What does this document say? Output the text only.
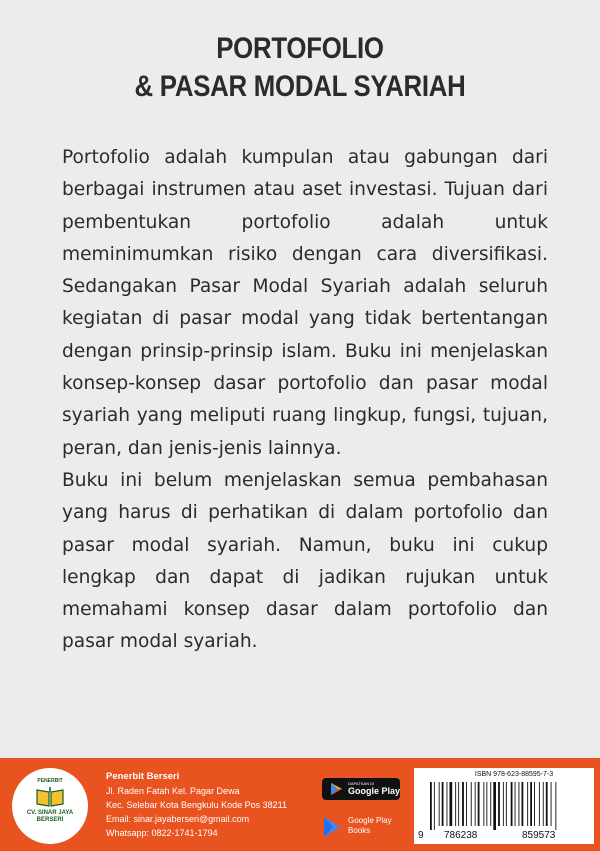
PORTOFOLIO
& PASAR MODAL SYARIAH

Portofolio adalah kumpulan atau gabungan dari berbagai instrumen atau aset investasi. Tujuan dari pembentukan portofolio adalah untuk meminimumkan risiko dengan cara diversifikasi. Sedangakan Pasar Modal Syariah adalah seluruh kegiatan di pasar modal yang tidak bertentangan dengan prinsip-prinsip islam. Buku ini menjelaskan konsep-konsep dasar portofolio dan pasar modal syariah yang meliputi ruang lingkup, fungsi, tujuan, peran, dan jenis-jenis lainnya.

Buku ini belum menjelaskan semua pembahasan yang harus di perhatikan di dalam portofolio dan pasar modal syariah. Namun, buku ini cukup lengkap dan dapat di jadikan rujukan untuk memahami konsep dasar dalam portofolio dan pasar modal syariah.

PENERBIT
CV. SINAR JAYA
BERSERI
Penerbit Berseri
Jl. Raden Fatah Kel. Pagar Dewa
Kec. Selebar Kota Bengkulu Kode Pos 38211
Email: sinar.jayaberseri@gmail.com
Whatsapp: 0822-1741-1794
DAPATKAN DI
Google Play
Google Play
Books
ISBN 978-623-88595-7-3
9 786238	859573
